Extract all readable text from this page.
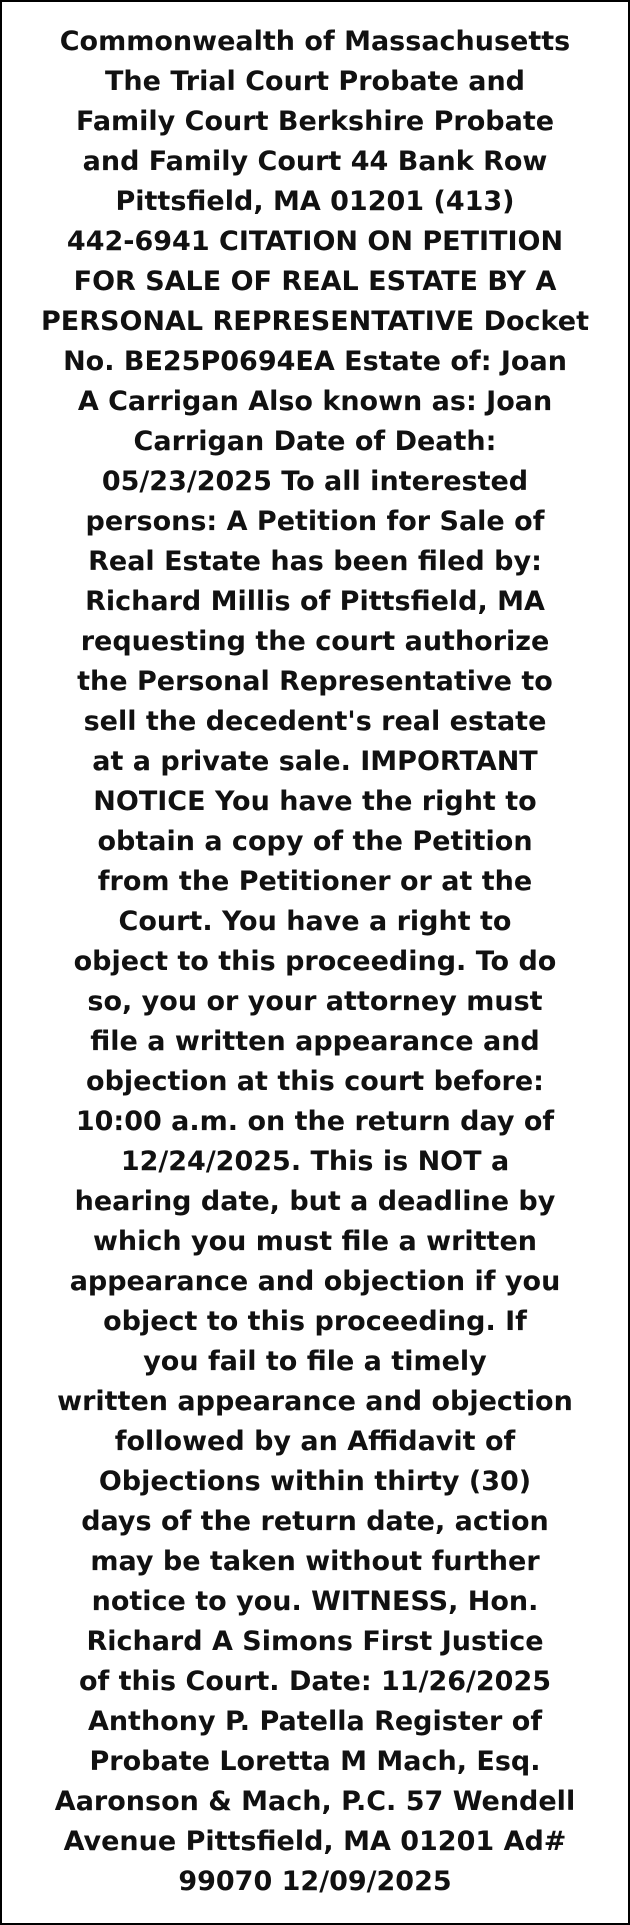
Commonwealth of Massachusetts
The Trial Court Probate and
Family Court Berkshire Probate
and Family Court 44 Bank Row
Pittsfield, MA 01201 (413)
442-6941 CITATION ON PETITION
FOR SALE OF REAL ESTATE BY A
PERSONAL REPRESENTATIVE Docket
No. BE25P0694EA Estate of: Joan
A Carrigan Also known as: Joan
Carrigan Date of Death:
05/23/2025 To all interested
persons: A Petition for Sale of
Real Estate has been filed by:
Richard Millis of Pittsfield, MA
requesting the court authorize
the Personal Representative to
sell the decedent's real estate
at a private sale. IMPORTANT
NOTICE You have the right to
obtain a copy of the Petition
from the Petitioner or at the
Court. You have a right to
object to this proceeding. To do
so, you or your attorney must
file a written appearance and
objection at this court before:
10:00 a.m. on the return day of
12/24/2025. This is NOT a
hearing date, but a deadline by
which you must file a written
appearance and objection if you
object to this proceeding. If
you fail to file a timely
written appearance and objection
followed by an Affidavit of
Objections within thirty (30)
days of the return date, action
may be taken without further
notice to you. WITNESS, Hon.
Richard A Simons First Justice
of this Court. Date: 11/26/2025
Anthony P. Patella Register of
Probate Loretta M Mach, Esq.
Aaronson & Mach, P.C. 57 Wendell
Avenue Pittsfield, MA 01201 Ad#
99070 12/09/2025
